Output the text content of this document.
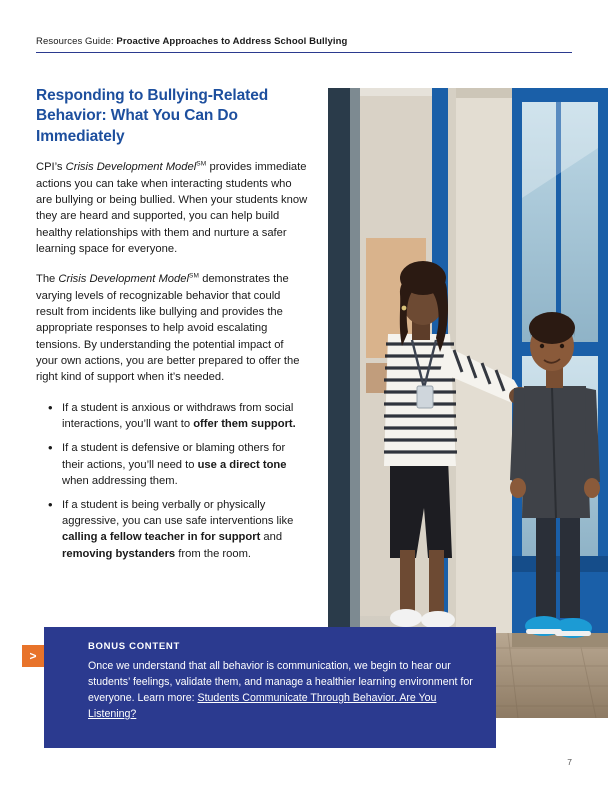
Resources Guide: Proactive Approaches to Address School Bullying
Responding to Bullying-Related Behavior: What You Can Do Immediately

CPI’s Crisis Development Model℠ provides immediate actions you can take when interacting students who are bullying or being bullied. When your students know they are heard and supported, you can help build healthy relationships with them and nurture a safer learning space for everyone.

The Crisis Development Model℠ demonstrates the varying levels of recognizable behavior that could result from incidents like bullying and provides the appropriate responses to help avoid escalating tensions. By understanding the potential impact of your own actions, you are better prepared to offer the right kind of support when it’s needed.

• If a student is anxious or withdraws from social interactions, you’ll want to offer them support.
• If a student is defensive or blaming others for their actions, you’ll need to use a direct tone when addressing them.
• If a student is being verbally or physically aggressive, you can use safe interventions like calling a fellow teacher in for support and removing bystanders from the room.
BONUS CONTENT
Once we understand that all behavior is communication, we begin to hear our students’ feelings, validate them, and manage a healthier learning environment for everyone. Learn more: Students Communicate Through Behavior. Are You Listening?
>
7
